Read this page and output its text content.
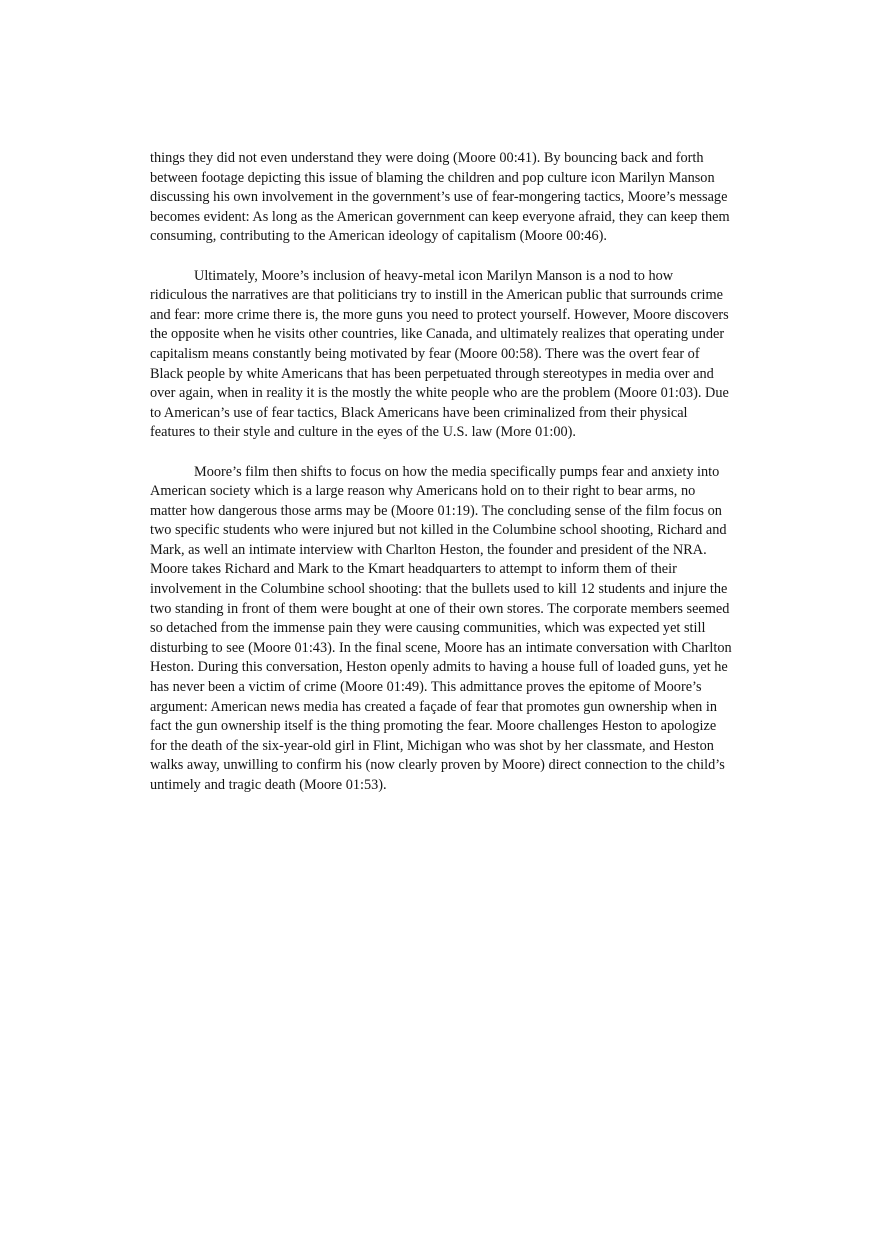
things they did not even understand they were doing (Moore 00:41). By bouncing back and forth between footage depicting this issue of blaming the children and pop culture icon Marilyn Manson discussing his own involvement in the government’s use of fear-mongering tactics, Moore’s message becomes evident: As long as the American government can keep everyone afraid, they can keep them consuming, contributing to the American ideology of capitalism (Moore 00:46).

Ultimately, Moore’s inclusion of heavy-metal icon Marilyn Manson is a nod to how ridiculous the narratives are that politicians try to instill in the American public that surrounds crime and fear: more crime there is, the more guns you need to protect yourself. However, Moore discovers the opposite when he visits other countries, like Canada, and ultimately realizes that operating under capitalism means constantly being motivated by fear (Moore 00:58). There was the overt fear of Black people by white Americans that has been perpetuated through stereotypes in media over and over again, when in reality it is the mostly the white people who are the problem (Moore 01:03). Due to American’s use of fear tactics, Black Americans have been criminalized from their physical features to their style and culture in the eyes of the U.S. law (More 01:00).

Moore’s film then shifts to focus on how the media specifically pumps fear and anxiety into American society which is a large reason why Americans hold on to their right to bear arms, no matter how dangerous those arms may be (Moore 01:19). The concluding sense of the film focus on two specific students who were injured but not killed in the Columbine school shooting, Richard and Mark, as well an intimate interview with Charlton Heston, the founder and president of the NRA. Moore takes Richard and Mark to the Kmart headquarters to attempt to inform them of their involvement in the Columbine school shooting: that the bullets used to kill 12 students and injure the two standing in front of them were bought at one of their own stores. The corporate members seemed so detached from the immense pain they were causing communities, which was expected yet still disturbing to see (Moore 01:43). In the final scene, Moore has an intimate conversation with Charlton Heston. During this conversation, Heston openly admits to having a house full of loaded guns, yet he has never been a victim of crime (Moore 01:49). This admittance proves the epitome of Moore’s argument: American news media has created a façade of fear that promotes gun ownership when in fact the gun ownership itself is the thing promoting the fear. Moore challenges Heston to apologize for the death of the six-year-old girl in Flint, Michigan who was shot by her classmate, and Heston walks away, unwilling to confirm his (now clearly proven by Moore) direct connection to the child’s untimely and tragic death (Moore 01:53).
